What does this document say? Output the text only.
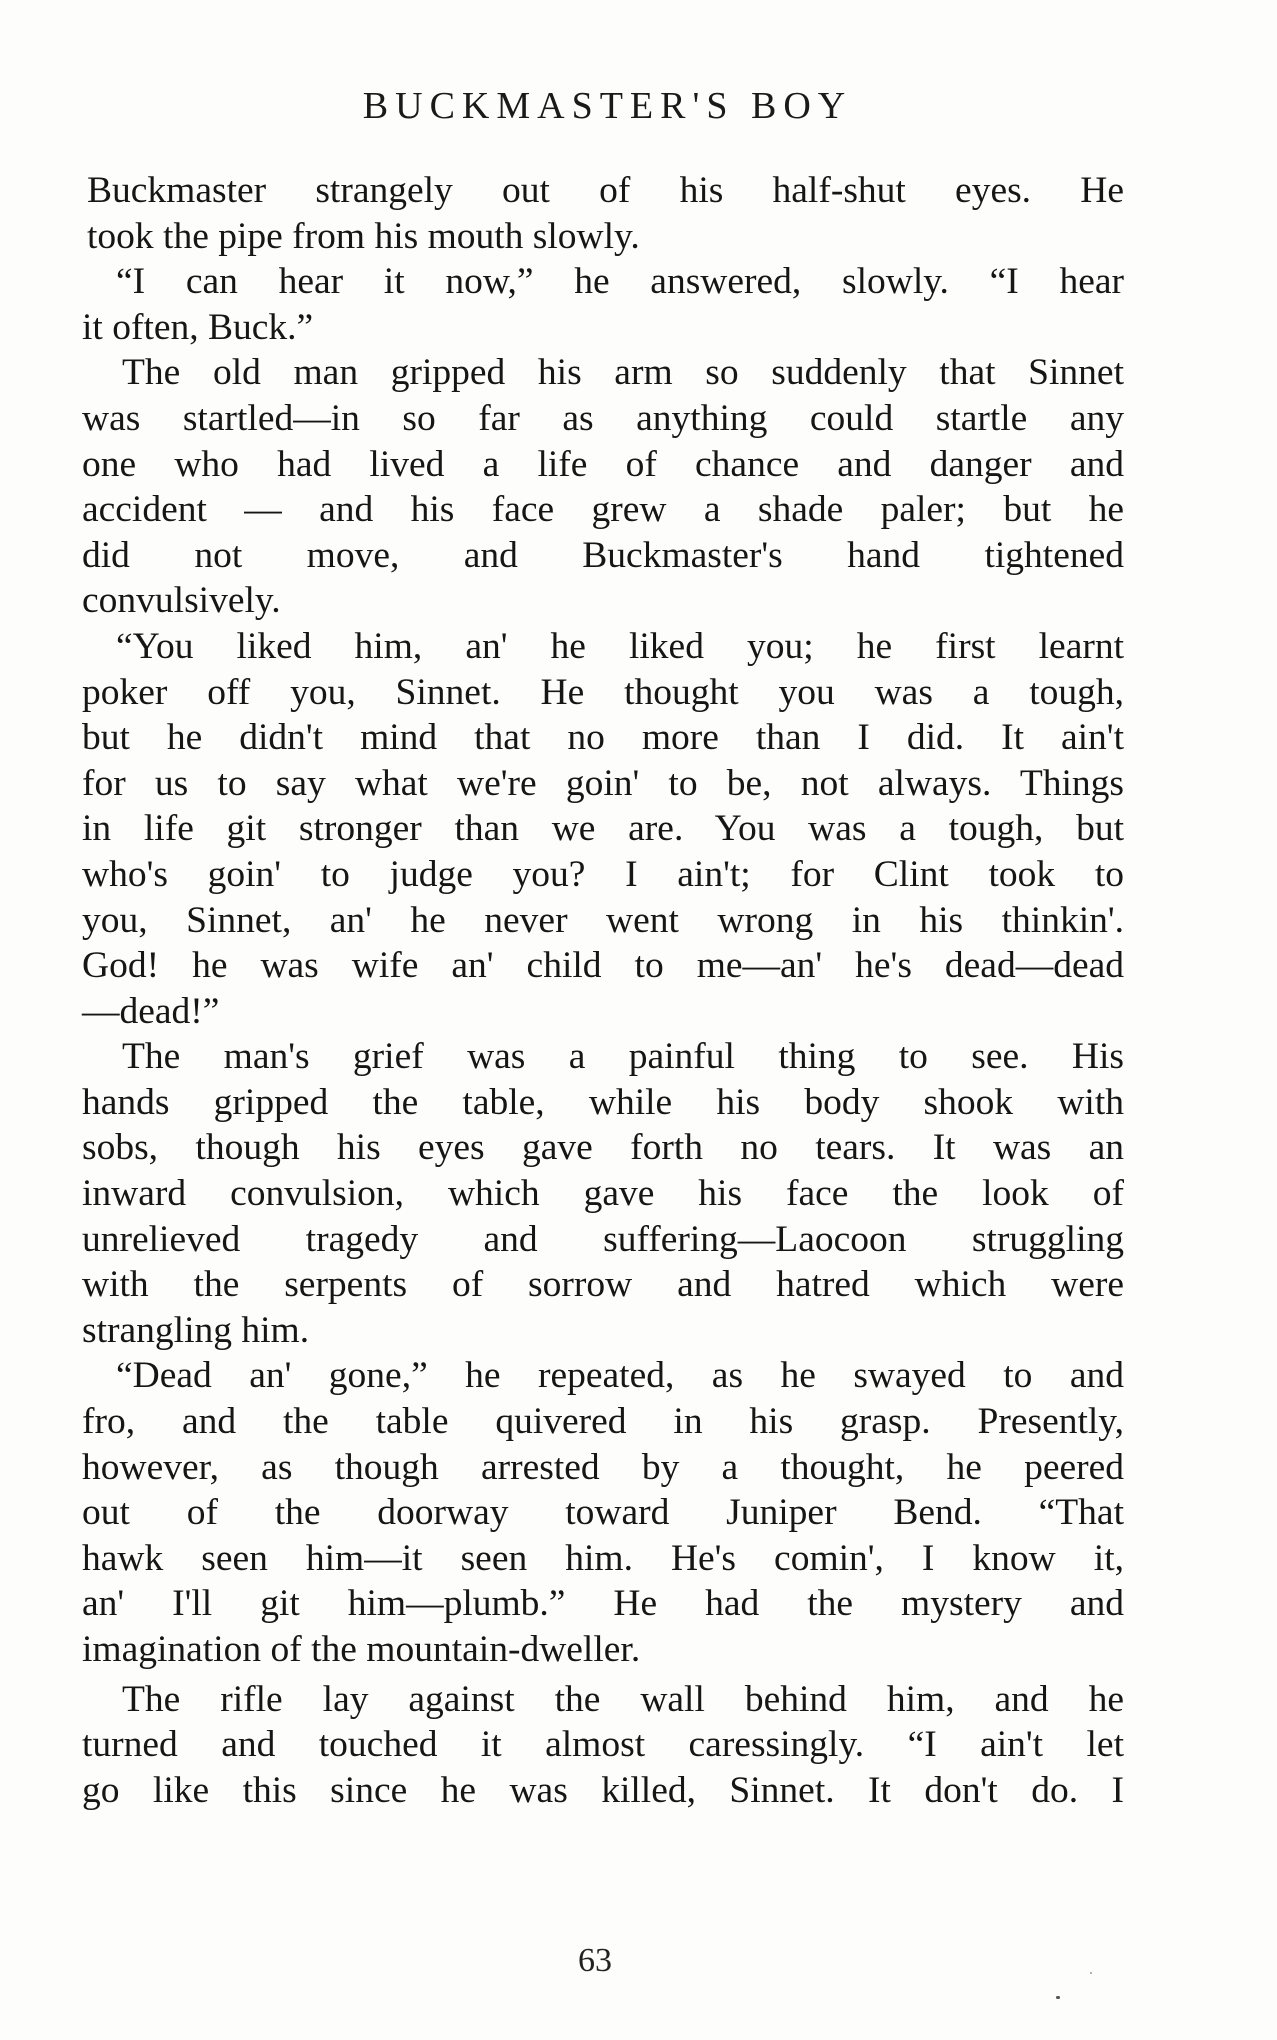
BUCKMASTER'S BOY
Buckmaster strangely out of his half-shut eyes. He
took the pipe from his mouth slowly.
“I can hear it now,” he answered, slowly. “I hear
it often, Buck.”
The old man gripped his arm so suddenly that Sinnet
was startled—in so far as anything could startle any
one who had lived a life of chance and danger and
accident — and his face grew a shade paler; but he
did not move, and Buckmaster's hand tightened
convulsively.
“You liked him, an' he liked you; he first learnt
poker off you, Sinnet. He thought you was a tough,
but he didn't mind that no more than I did. It ain't
for us to say what we're goin' to be, not always. Things
in life git stronger than we are. You was a tough, but
who's goin' to judge you? I ain't; for Clint took to
you, Sinnet, an' he never went wrong in his thinkin'.
God! he was wife an' child to me—an' he's dead—dead
—dead!”
The man's grief was a painful thing to see. His
hands gripped the table, while his body shook with
sobs, though his eyes gave forth no tears. It was an
inward convulsion, which gave his face the look of
unrelieved tragedy and suffering—Laocoon struggling
with the serpents of sorrow and hatred which were
strangling him.
“Dead an' gone,” he repeated, as he swayed to and
fro, and the table quivered in his grasp. Presently,
however, as though arrested by a thought, he peered
out of the doorway toward Juniper Bend. “That
hawk seen him—it seen him. He's comin', I know it,
an' I'll git him—plumb.” He had the mystery and
imagination of the mountain-dweller.
The rifle lay against the wall behind him, and he
turned and touched it almost caressingly. “I ain't let
go like this since he was killed, Sinnet. It don't do. I
63
